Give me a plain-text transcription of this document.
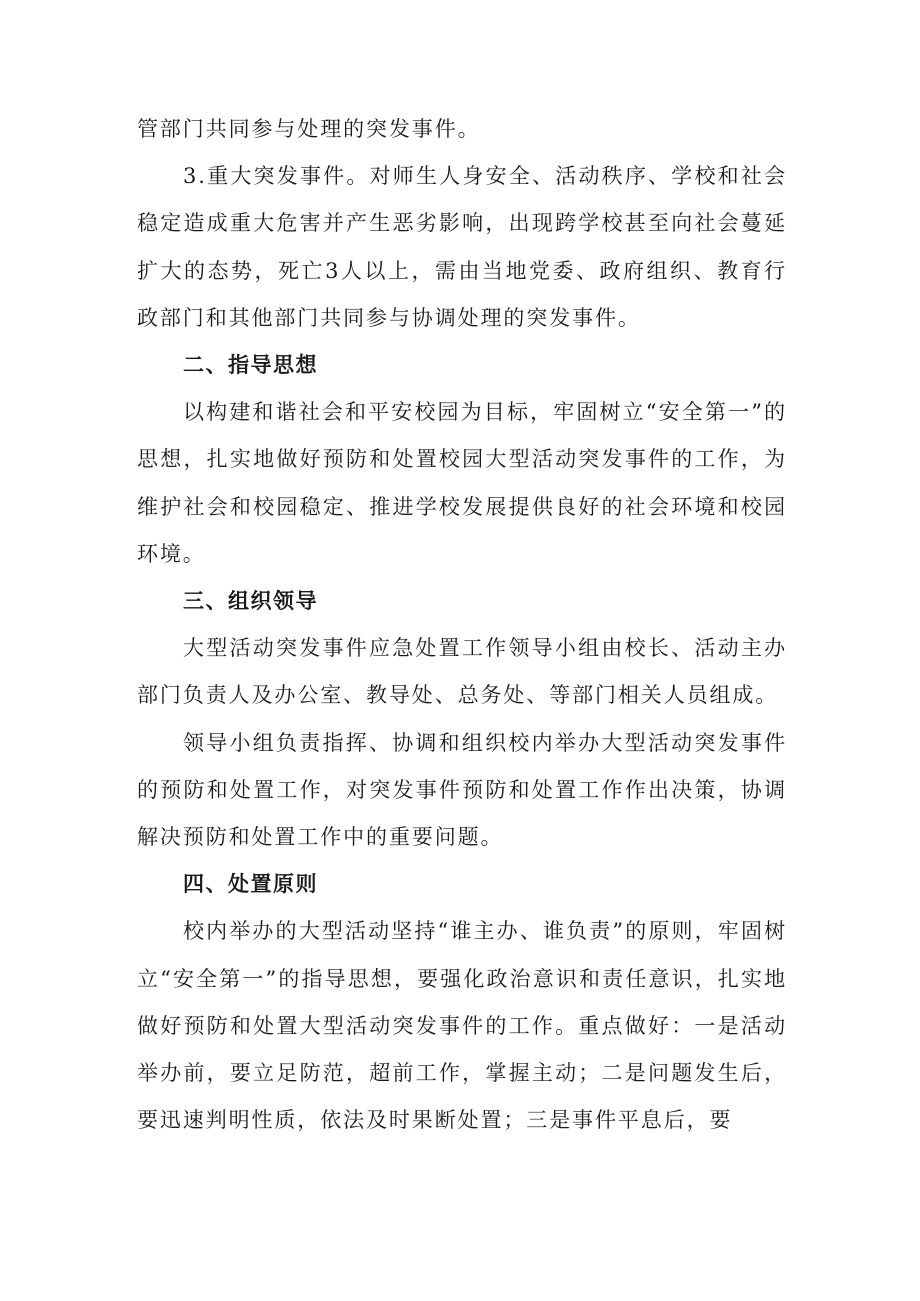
管部门共同参与处理的突发事件。

3.重大突发事件。对师生人身安全、活动秩序、学校和社会稳定造成重大危害并产生恶劣影响，出现跨学校甚至向社会蔓延扩大的态势，死亡3人以上，需由当地党委、政府组织、教育行政部门和其他部门共同参与协调处理的突发事件。

二、指导思想

以构建和谐社会和平安校园为目标，牢固树立“安全第一”的思想，扎实地做好预防和处置校园大型活动突发事件的工作，为维护社会和校园稳定、推进学校发展提供良好的社会环境和校园环境。

三、组织领导

大型活动突发事件应急处置工作领导小组由校长、活动主办部门负责人及办公室、教导处、总务处、等部门相关人员组成。

领导小组负责指挥、协调和组织校内举办大型活动突发事件的预防和处置工作，对突发事件预防和处置工作作出决策，协调解决预防和处置工作中的重要问题。

四、处置原则

校内举办的大型活动坚持“谁主办、谁负责”的原则，牢固树立“安全第一”的指导思想，要强化政治意识和责任意识，扎实地做好预防和处置大型活动突发事件的工作。重点做好：一是活动举办前，要立足防范，超前工作，掌握主动；二是问题发生后，要迅速判明性质，依法及时果断处置；三是事件平息后，要
